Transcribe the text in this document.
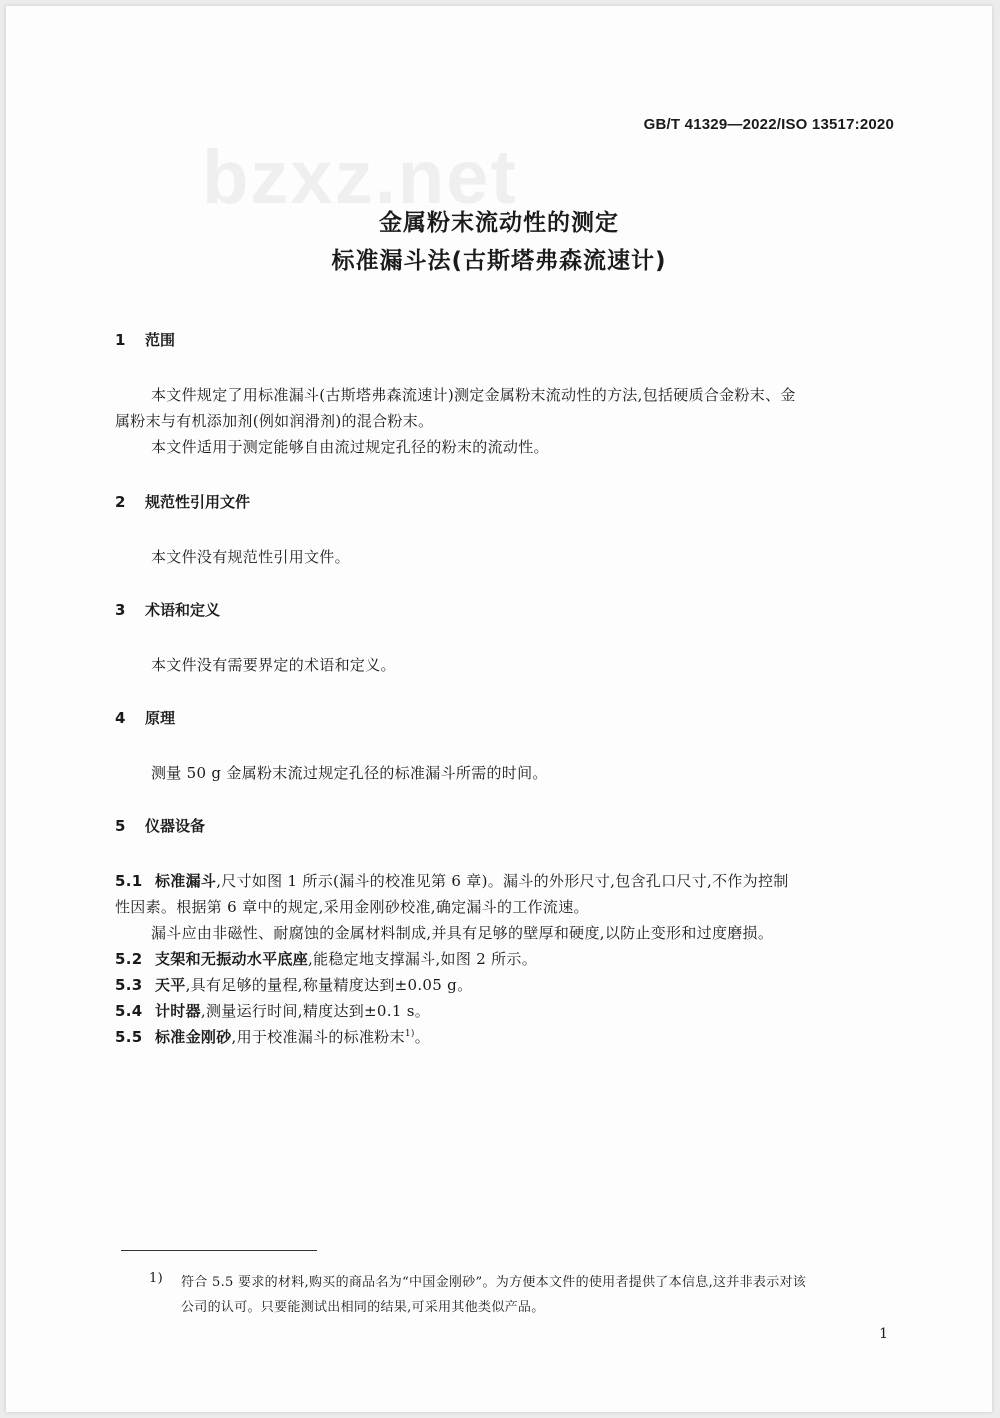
GB/T 41329—2022/ISO 13517:2020
bzxz.net
金属粉末流动性的测定
标准漏斗法(古斯塔弗森流速计)
1 范围
本文件规定了用标准漏斗(古斯塔弗森流速计)测定金属粉末流动性的方法,包括硬质合金粉末、金
属粉末与有机添加剂(例如润滑剂)的混合粉末。
本文件适用于测定能够自由流过规定孔径的粉末的流动性。
2 规范性引用文件
本文件没有规范性引用文件。
3 术语和定义
本文件没有需要界定的术语和定义。
4 原理
测量 50 g 金属粉末流过规定孔径的标准漏斗所需的时间。
5 仪器设备
5.1 标准漏斗,尺寸如图 1 所示(漏斗的校准见第 6 章)。漏斗的外形尺寸,包含孔口尺寸,不作为控制
性因素。根据第 6 章中的规定,采用金刚砂校准,确定漏斗的工作流速。
漏斗应由非磁性、耐腐蚀的金属材料制成,并具有足够的壁厚和硬度,以防止变形和过度磨损。
5.2 支架和无振动水平底座,能稳定地支撑漏斗,如图 2 所示。
5.3 天平,具有足够的量程,称量精度达到±0.05 g。
5.4 计时器,测量运行时间,精度达到±0.1 s。
5.5 标准金刚砂,用于校准漏斗的标准粉末$^{1)}$。
1) 符合 5.5 要求的材料,购买的商品名为“中国金刚砂”。为方便本文件的使用者提供了本信息,这并非表示对该
公司的认可。只要能测试出相同的结果,可采用其他类似产品。
1
